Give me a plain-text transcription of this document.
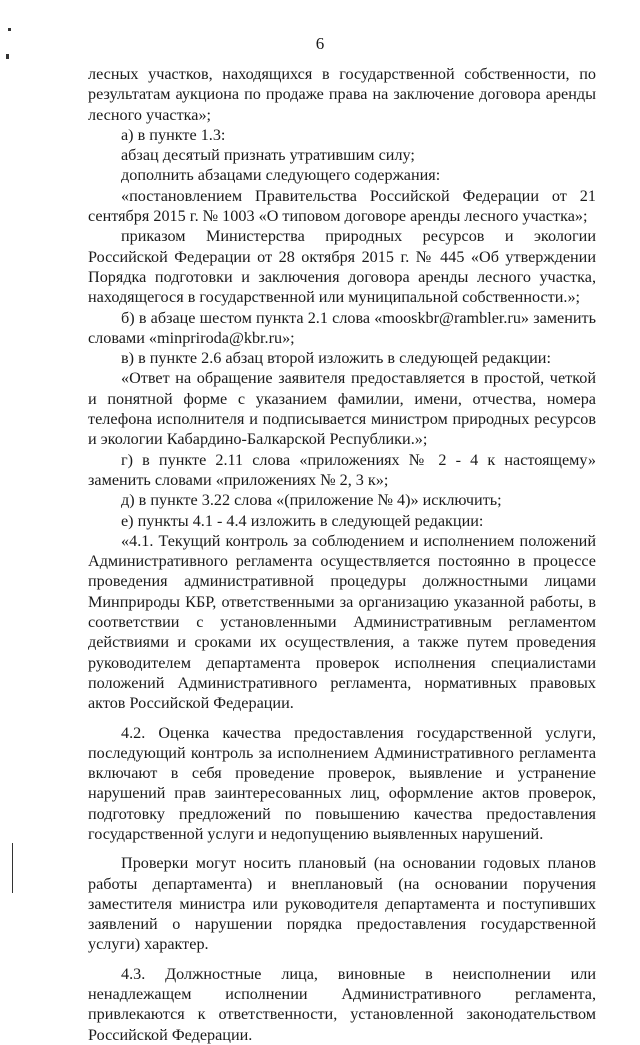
6

лесных участков, находящихся в государственной собственности, по результатам аукциона по продаже права на заключение договора аренды лесного участка»;

а) в пункте 1.3:

абзац десятый признать утратившим силу;

дополнить абзацами следующего содержания:

«постановлением Правительства Российской Федерации от 21 сентября 2015 г. № 1003 «О типовом договоре аренды лесного участка»;

приказом Министерства природных ресурсов и экологии Российской Федерации от 28 октября 2015 г. № 445 «Об утверждении Порядка подготовки и заключения договора аренды лесного участка, находящегося в государственной или муниципальной собственности.»;

б) в абзаце шестом пункта 2.1 слова «mooskbr@rambler.ru» заменить словами «minpriroda@kbr.ru»;

в) в пункте 2.6 абзац второй изложить в следующей редакции:

«Ответ на обращение заявителя предоставляется в простой, четкой и понятной форме с указанием фамилии, имени, отчества, номера телефона исполнителя и подписывается министром природных ресурсов и экологии Кабардино-Балкарской Республики.»;

г) в пункте 2.11 слова «приложениях № 2 - 4 к настоящему» заменить словами «приложениях № 2, 3 к»;

д) в пункте 3.22 слова «(приложение № 4)» исключить;

е) пункты 4.1 - 4.4 изложить в следующей редакции:

«4.1. Текущий контроль за соблюдением и исполнением положений Административного регламента осуществляется постоянно в процессе проведения административной процедуры должностными лицами Минприроды КБР, ответственными за организацию указанной работы, в соответствии с установленными Административным регламентом действиями и сроками их осуществления, а также путем проведения руководителем департамента проверок исполнения специалистами положений Административного регламента, нормативных правовых актов Российской Федерации.

4.2. Оценка качества предоставления государственной услуги, последующий контроль за исполнением Административного регламента включают в себя проведение проверок, выявление и устранение нарушений прав заинтересованных лиц, оформление актов проверок, подготовку предложений по повышению качества предоставления государственной услуги и недопущению выявленных нарушений.

Проверки могут носить плановый (на основании годовых планов работы департамента) и внеплановый (на основании поручения заместителя министра или руководителя департамента и поступивших заявлений о нарушении порядка предоставления государственной услуги) характер.

4.3. Должностные лица, виновные в неисполнении или ненадлежащем исполнении Административного регламента, привлекаются к ответственности, установленной законодательством Российской Федерации.
